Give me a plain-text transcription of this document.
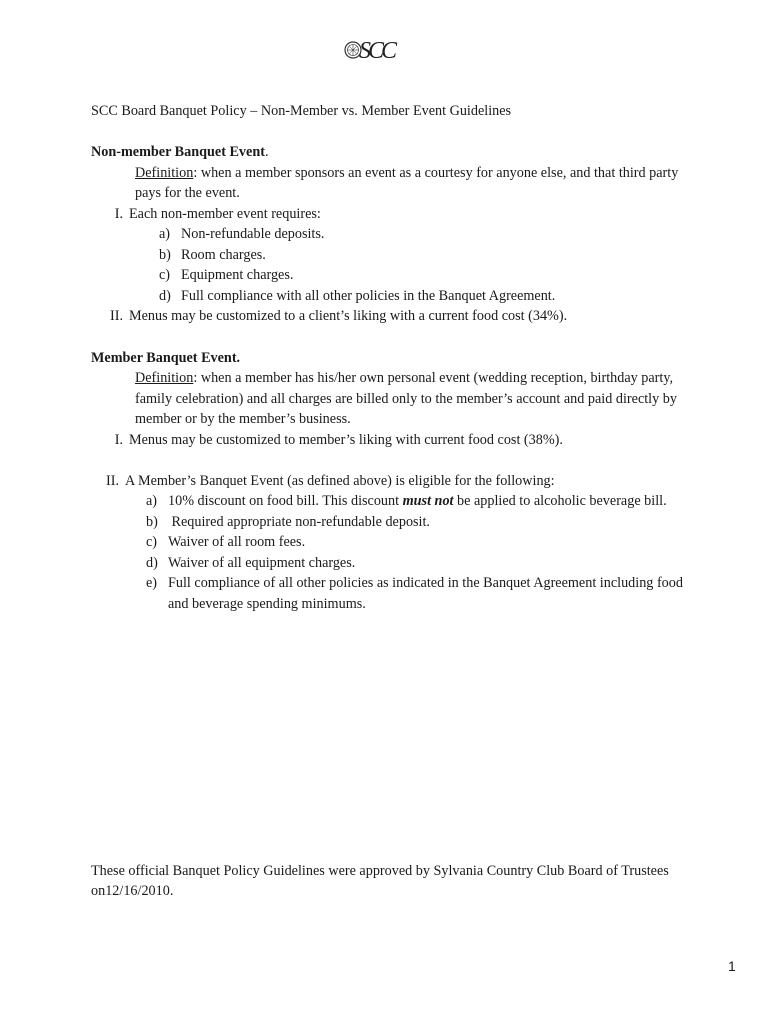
SCC
SCC Board Banquet Policy – Non-Member vs. Member Event Guidelines
Non-member Banquet Event.
Definition: when a member sponsors an event as a courtesy for anyone else, and that third party
pays for the event.
I. Each non-member event requires:
a) Non-refundable deposits.
b) Room charges.
c) Equipment charges.
d) Full compliance with all other policies in the Banquet Agreement.
II. Menus may be customized to a client’s liking with a current food cost (34%).
Member Banquet Event.
Definition: when a member has his/her own personal event (wedding reception, birthday party,
family celebration) and all charges are billed only to the member’s account and paid directly by
member or by the member’s business.
I. Menus may be customized to member’s liking with current food cost (38%).
II. A Member’s Banquet Event (as defined above) is eligible for the following:
a) 10% discount on food bill. This discount must not be applied to alcoholic beverage bill.
b) Required appropriate non-refundable deposit.
c) Waiver of all room fees.
d) Waiver of all equipment charges.
e) Full compliance of all other policies as indicated in the Banquet Agreement including food
and beverage spending minimums.
These official Banquet Policy Guidelines were approved by Sylvania Country Club Board of Trustees
on12/16/2010.
1
